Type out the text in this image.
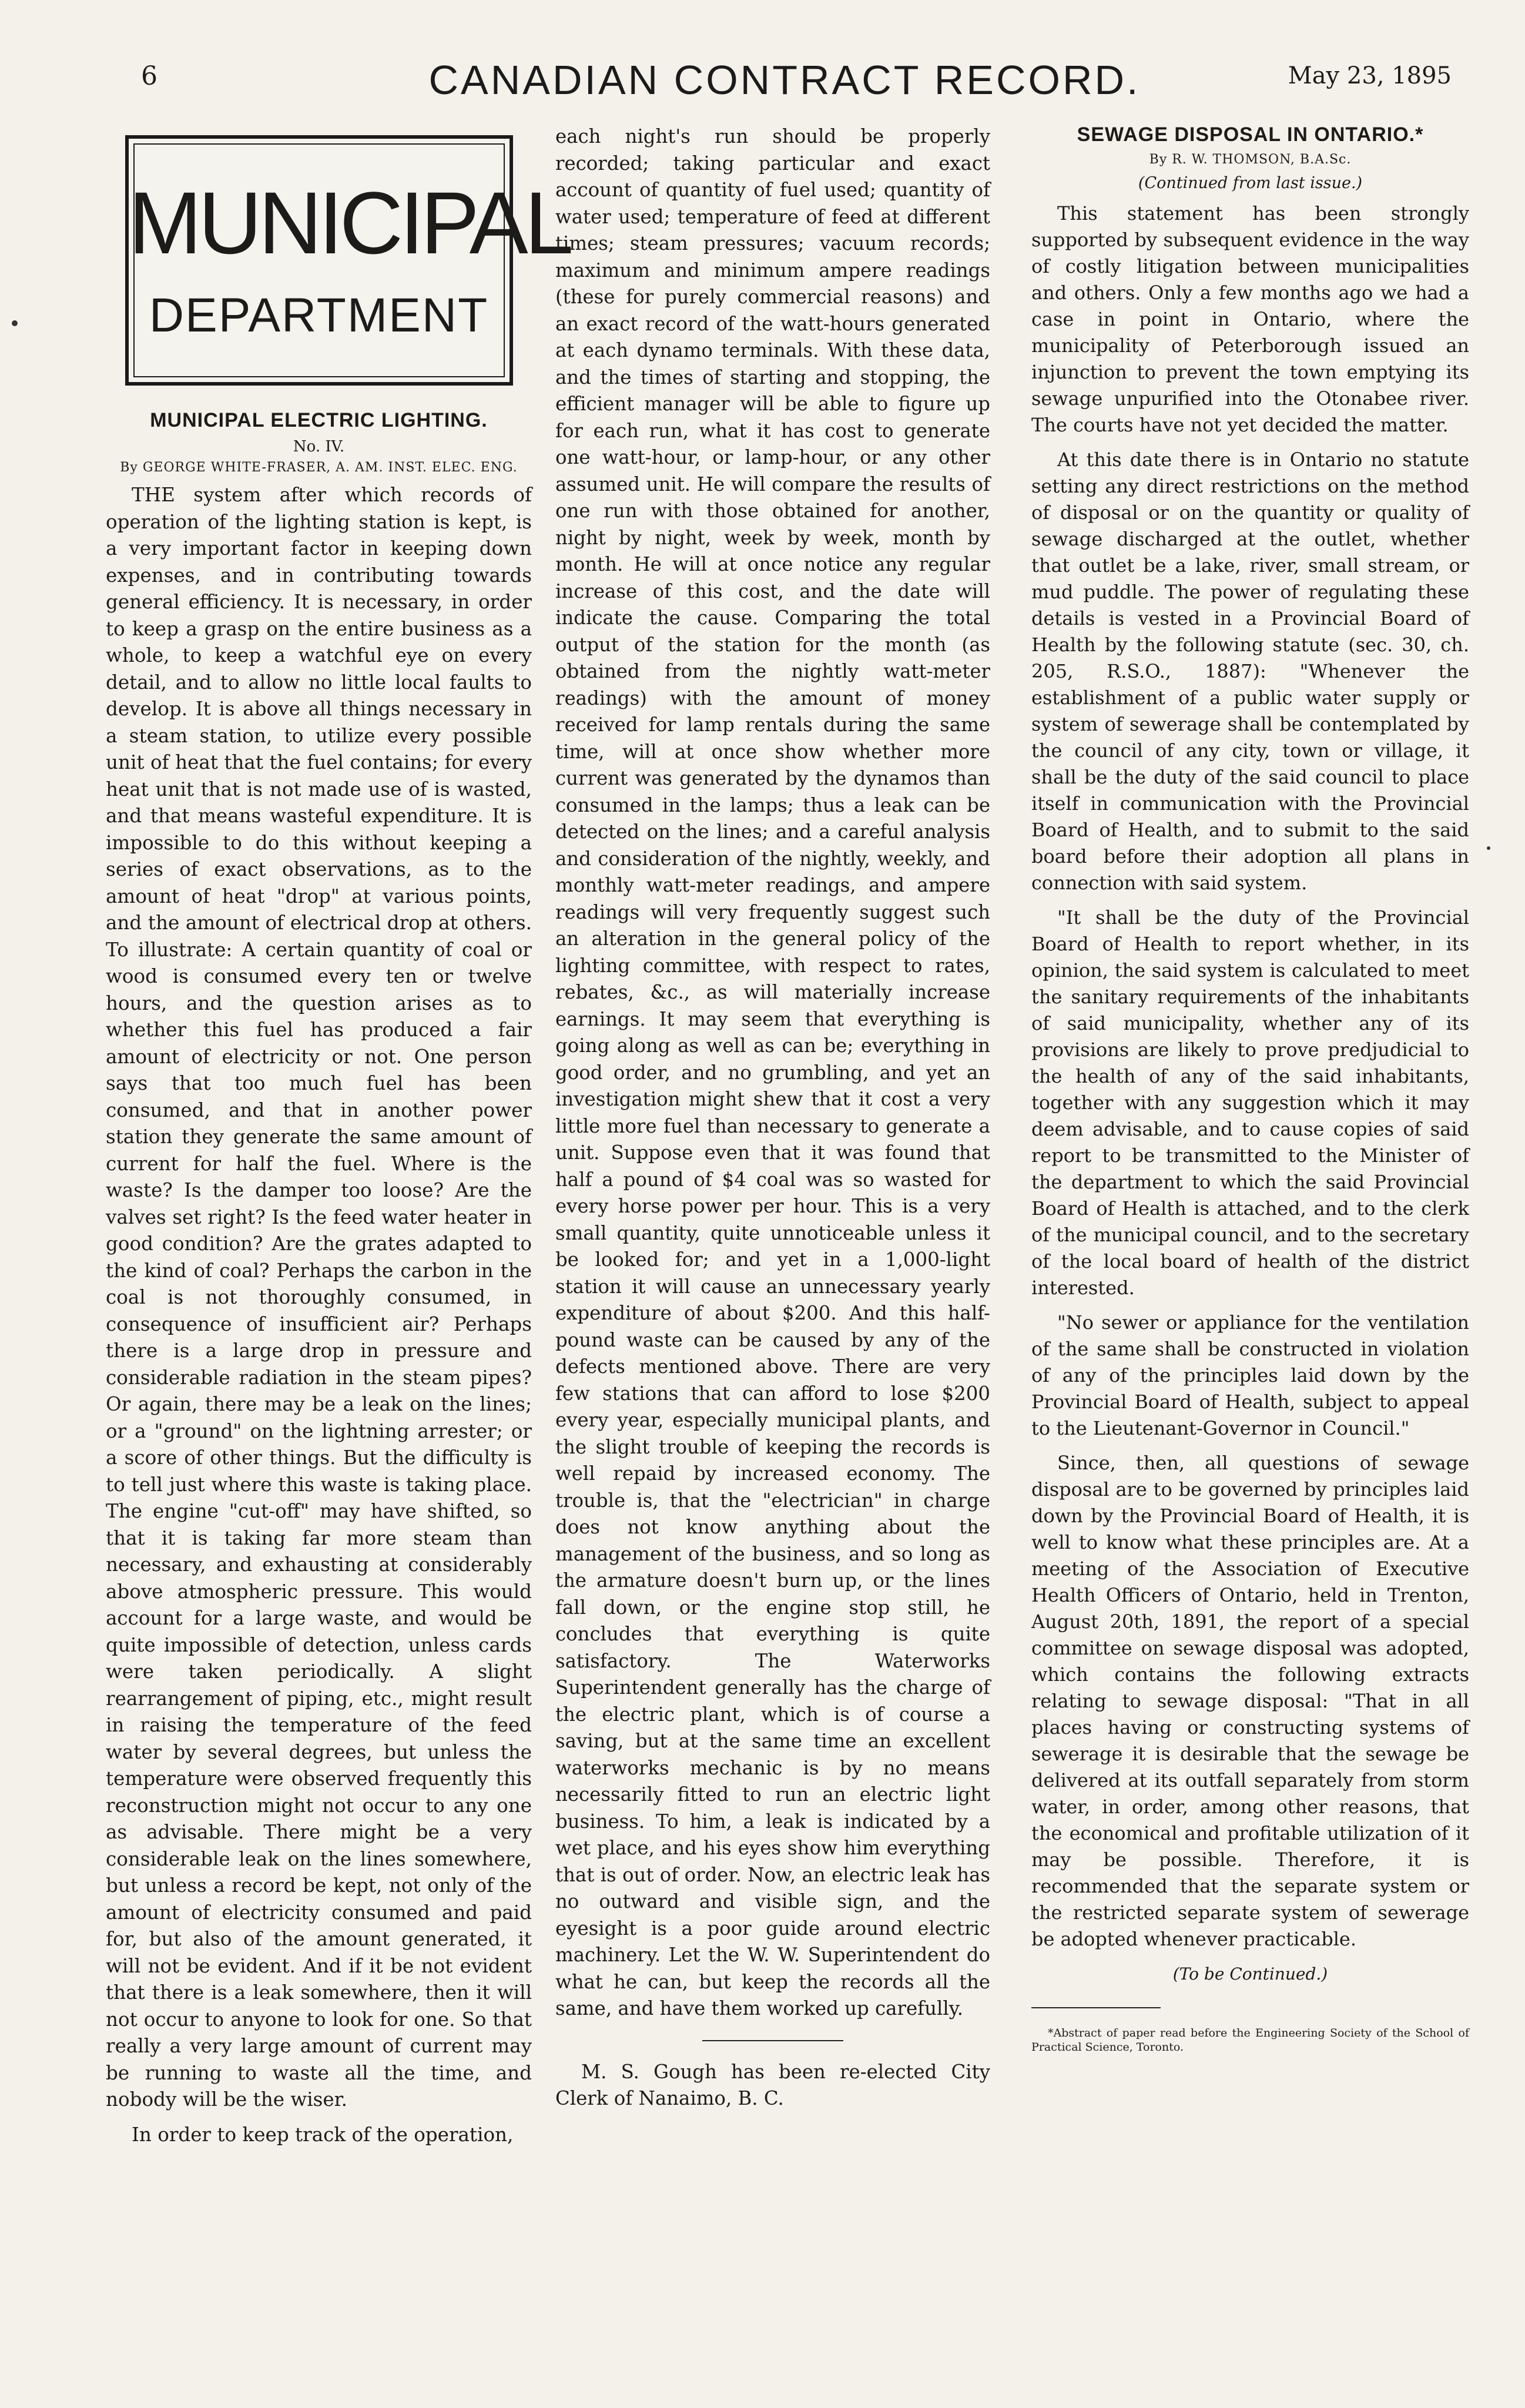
6	CANADIAN CONTRACT RECORD.	May 23, 1895
MUNICIPAL
DEPARTMENT
MUNICIPAL ELECTRIC LIGHTING.
No. IV.
By GEORGE WHITE-FRASER, A. AM. INST. ELEC. ENG.

THE system after which records of operation of the lighting station is kept, is a very important factor in keeping down expenses, and in contributing towards general efficiency. It is necessary, in order to keep a grasp on the entire business as a whole, to keep a watchful eye on every detail, and to allow no little local faults to develop. It is above all things necessary in a steam station, to utilize every possible unit of heat that the fuel contains; for every heat unit that is not made use of is wasted, and that means wasteful expenditure. It is impossible to do this without keeping a series of exact observations, as to the amount of heat "drop" at various points, and the amount of electrical drop at others. To illustrate: A certain quantity of coal or wood is consumed every ten or twelve hours, and the question arises as to whether this fuel has produced a fair amount of electricity or not. One person says that too much fuel has been consumed, and that in another power station they generate the same amount of current for half the fuel. Where is the waste? Is the damper too loose? Are the valves set right? Is the feed water heater in good condition? Are the grates adapted to the kind of coal? Perhaps the carbon in the coal is not thoroughly consumed, in consequence of insufficient air? Perhaps there is a large drop in pressure and considerable radiation in the steam pipes? Or again, there may be a leak on the lines; or a "ground" on the lightning arrester; or a score of other things. But the difficulty is to tell just where this waste is taking place. The engine "cut-off" may have shifted, so that it is taking far more steam than necessary, and exhausting at considerably above atmospheric pressure. This would account for a large waste, and would be quite impossible of detection, unless cards were taken periodically. A slight rearrangement of piping, etc., might result in raising the temperature of the feed water by several degrees, but unless the temperature were observed frequently this reconstruction might not occur to any one as advisable. There might be a very considerable leak on the lines somewhere, but unless a record be kept, not only of the amount of electricity consumed and paid for, but also of the amount generated, it will not be evident. And if it be not evident that there is a leak somewhere, then it will not occur to anyone to look for one. So that really a very large amount of current may be running to waste all the time, and nobody will be the wiser.

In order to keep track of the operation,

each night's run should be properly recorded; taking particular and exact account of quantity of fuel used; quantity of water used; temperature of feed at different times; steam pressures; vacuum records; maximum and minimum ampere readings (these for purely commercial reasons) and an exact record of the watt-hours generated at each dynamo terminals. With these data, and the times of starting and stopping, the efficient manager will be able to figure up for each run, what it has cost to generate one watt-hour, or lamp-hour, or any other assumed unit. He will compare the results of one run with those obtained for another, night by night, week by week, month by month. He will at once notice any regular increase of this cost, and the date will indicate the cause. Comparing the total output of the station for the month (as obtained from the nightly watt-meter readings) with the amount of money received for lamp rentals during the same time, will at once show whether more current was generated by the dynamos than consumed in the lamps; thus a leak can be detected on the lines; and a careful analysis and consideration of the nightly, weekly, and monthly watt-meter readings, and ampere readings will very frequently suggest such an alteration in the general policy of the lighting committee, with respect to rates, rebates, &c., as will materially increase earnings. It may seem that everything is going along as well as can be; everything in good order, and no grumbling, and yet an investigation might shew that it cost a very little more fuel than necessary to generate a unit. Suppose even that it was found that half a pound of $4 coal was so wasted for every horse power per hour. This is a very small quantity, quite unnoticeable unless it be looked for; and yet in a 1,000-light station it will cause an unnecessary yearly expenditure of about $200. And this half-pound waste can be caused by any of the defects mentioned above. There are very few stations that can afford to lose $200 every year, especially municipal plants, and the slight trouble of keeping the records is well repaid by increased economy. The trouble is, that the "electrician" in charge does not know anything about the management of the business, and so long as the armature doesn't burn up, or the lines fall down, or the engine stop still, he concludes that everything is quite satisfactory. The Waterworks Superintendent generally has the charge of the electric plant, which is of course a saving, but at the same time an excellent waterworks mechanic is by no means necessarily fitted to run an electric light business. To him, a leak is indicated by a wet place, and his eyes show him everything that is out of order. Now, an electric leak has no outward and visible sign, and the eyesight is a poor guide around electric machinery. Let the W. W. Superintendent do what he can, but keep the records all the same, and have them worked up carefully.

M. S. Gough has been re-elected City Clerk of Nanaimo, B. C.

SEWAGE DISPOSAL IN ONTARIO.*
By R. W. THOMSON, B.A.Sc.
(Continued from last issue.)

This statement has been strongly supported by subsequent evidence in the way of costly litigation between municipalities and others. Only a few months ago we had a case in point in Ontario, where the municipality of Peterborough issued an injunction to prevent the town emptying its sewage unpurified into the Otonabee river. The courts have not yet decided the matter.

At this date there is in Ontario no statute setting any direct restrictions on the method of disposal or on the quantity or quality of sewage discharged at the outlet, whether that outlet be a lake, river, small stream, or mud puddle. The power of regulating these details is vested in a Provincial Board of Health by the following statute (sec. 30, ch. 205, R.S.O., 1887): "Whenever the establishment of a public water supply or system of sewerage shall be contemplated by the council of any city, town or village, it shall be the duty of the said council to place itself in communication with the Provincial Board of Health, and to submit to the said board before their adoption all plans in connection with said system.

"It shall be the duty of the Provincial Board of Health to report whether, in its opinion, the said system is calculated to meet the sanitary requirements of the inhabitants of said municipality, whether any of its provisions are likely to prove predjudicial to the health of any of the said inhabitants, together with any suggestion which it may deem advisable, and to cause copies of said report to be transmitted to the Minister of the department to which the said Provincial Board of Health is attached, and to the clerk of the municipal council, and to the secretary of the local board of health of the district interested.

"No sewer or appliance for the ventilation of the same shall be constructed in violation of any of the principles laid down by the Provincial Board of Health, subject to appeal to the Lieutenant-Governor in Council."

Since, then, all questions of sewage disposal are to be governed by principles laid down by the Provincial Board of Health, it is well to know what these principles are. At a meeting of the Association of Executive Health Officers of Ontario, held in Trenton, August 20th, 1891, the report of a special committee on sewage disposal was adopted, which contains the following extracts relating to sewage disposal: "That in all places having or constructing systems of sewerage it is desirable that the sewage be delivered at its outfall separately from storm water, in order, among other reasons, that the economical and profitable utilization of it may be possible. Therefore, it is recommended that the separate system or the restricted separate system of sewerage be adopted whenever practicable.

(To be Continued.)

*Abstract of paper read before the Engineering Society of the School of Practical Science, Toronto.
